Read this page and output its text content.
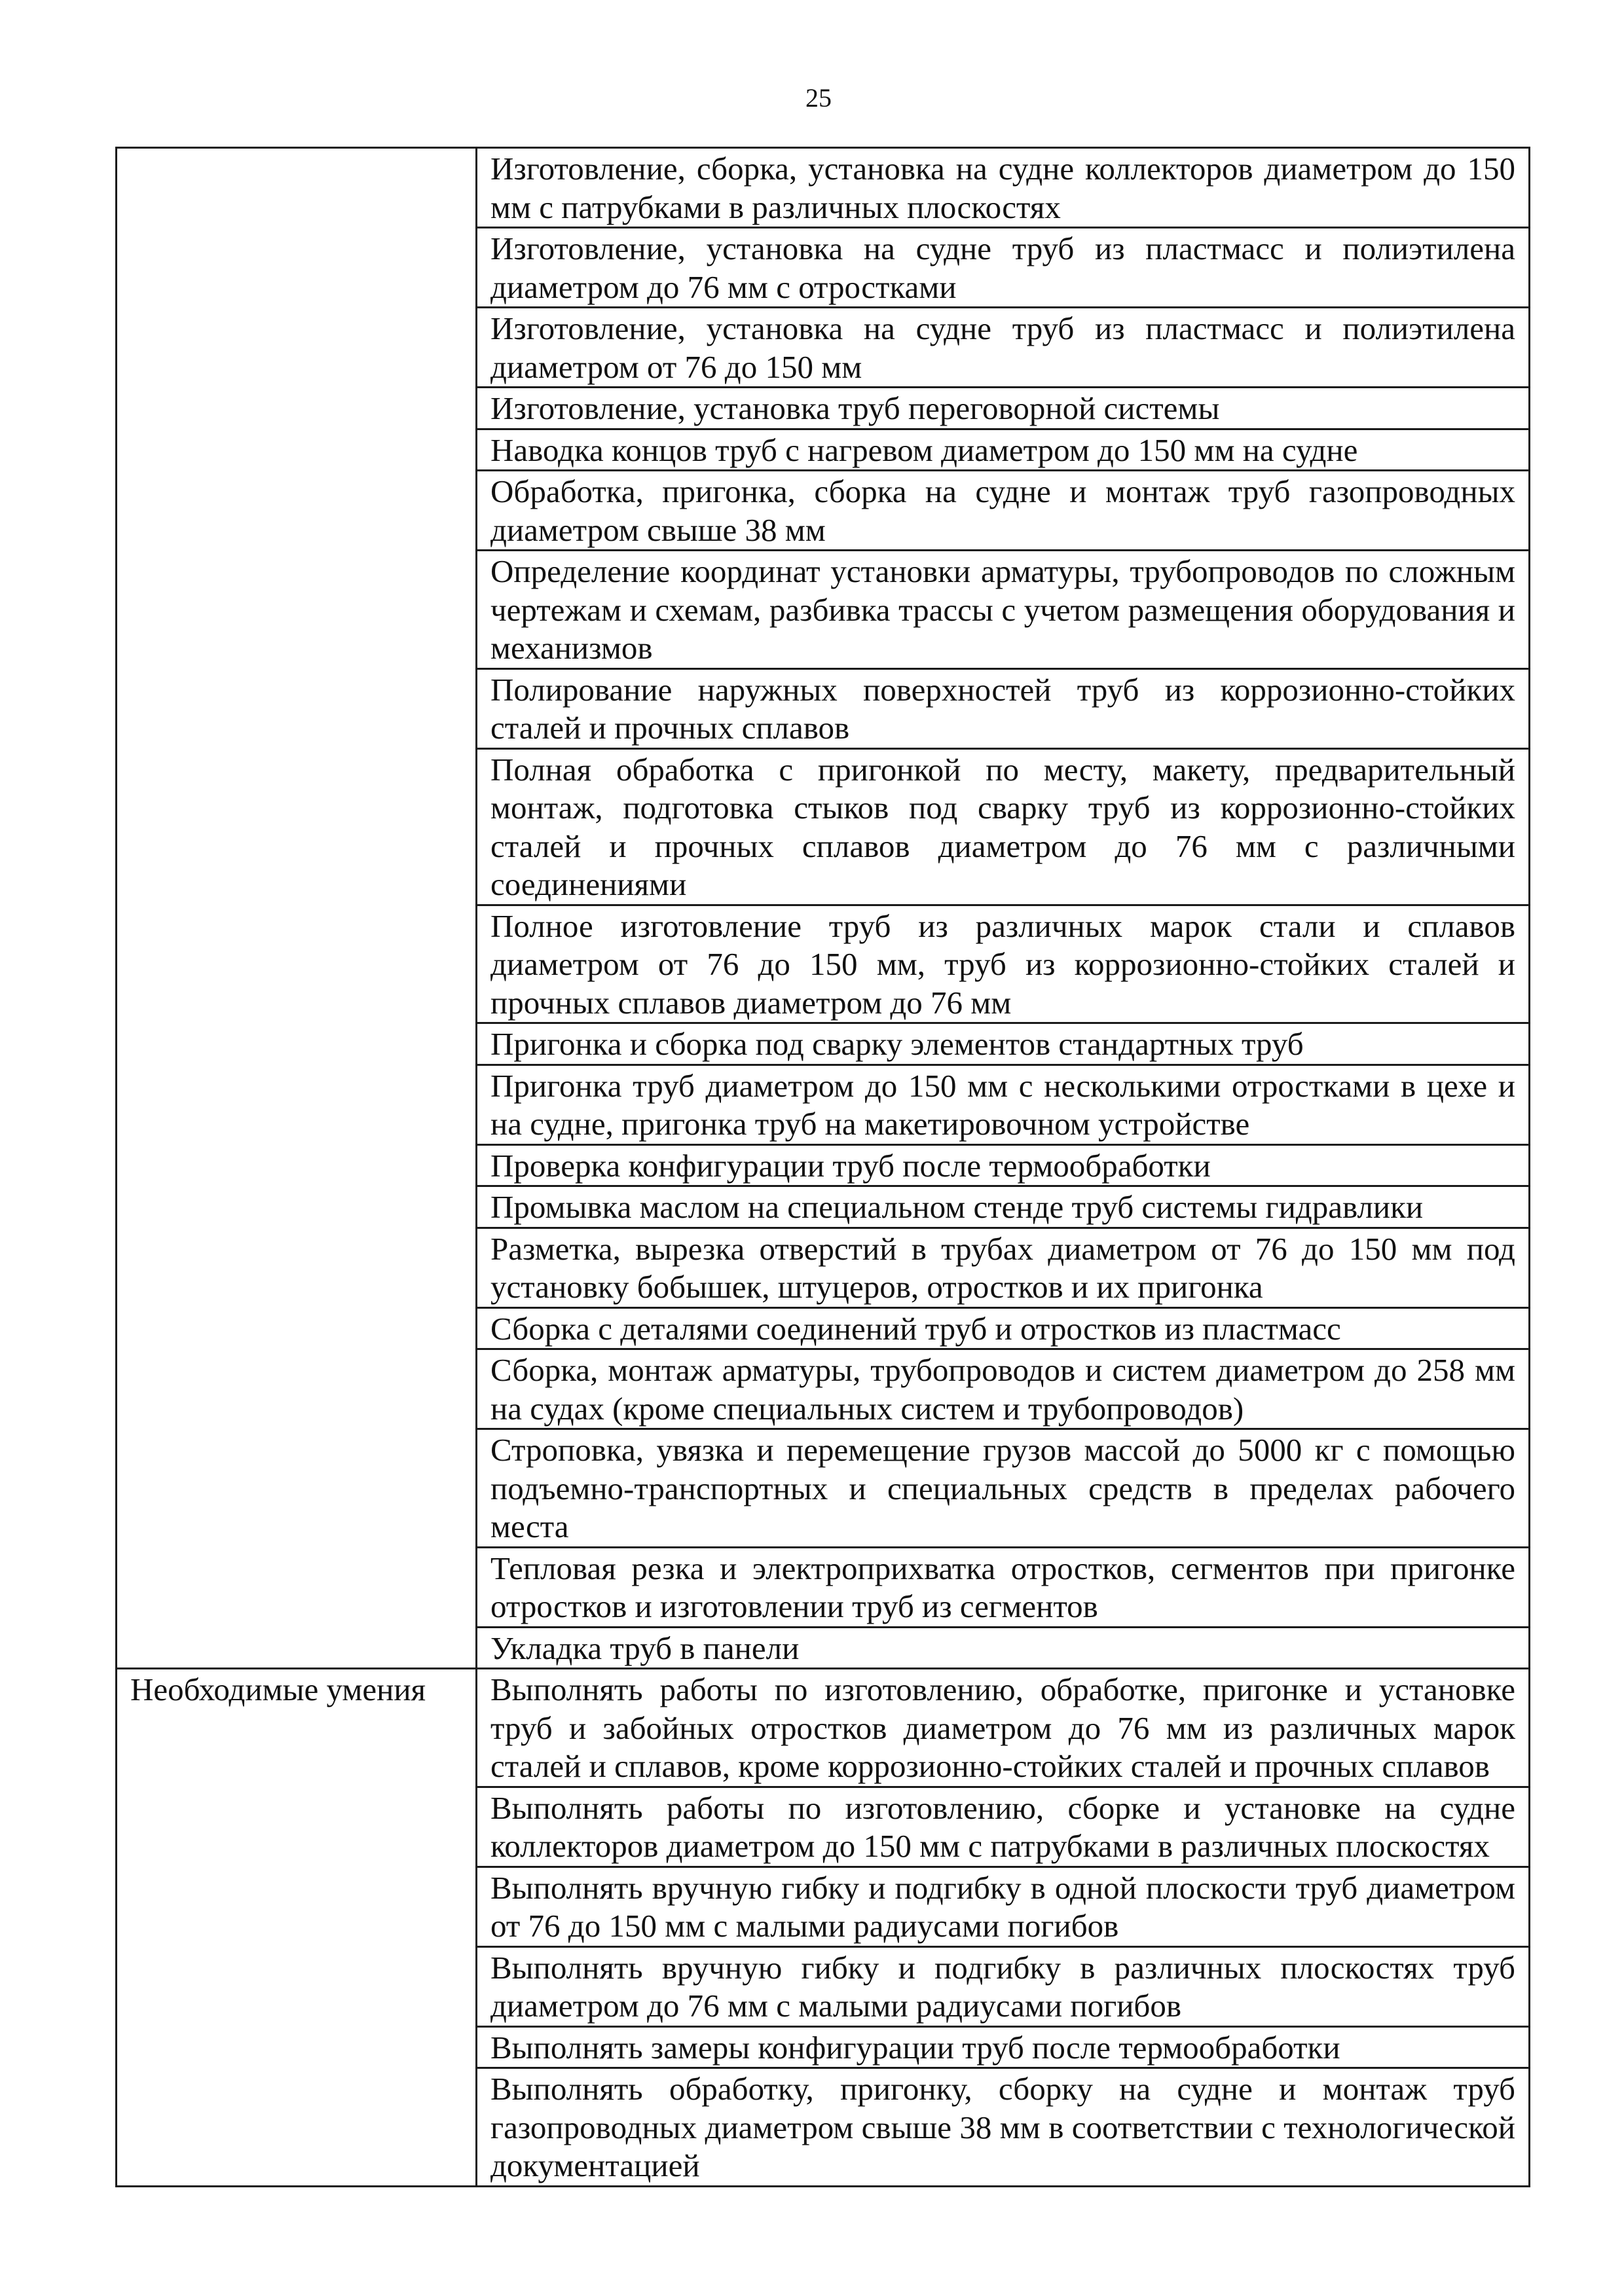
25
	Изготовление, сборка, установка на судне коллекторов диаметром до 150 мм с патрубками в различных плоскостях
	Изготовление, установка на судне труб из пластмасс и полиэтилена диаметром до 76 мм с отростками
	Изготовление, установка на судне труб из пластмасс и полиэтилена диаметром от 76 до 150 мм
	Изготовление, установка труб переговорной системы
	Наводка концов труб с нагревом диаметром до 150 мм на судне
	Обработка, пригонка, сборка на судне и монтаж труб газопроводных диаметром свыше 38 мм
	Определение координат установки арматуры, трубопроводов по сложным чертежам и схемам, разбивка трассы с учетом размещения оборудования и механизмов
	Полирование наружных поверхностей труб из коррозионно-стойких сталей и прочных сплавов
	Полная обработка с пригонкой по месту, макету, предварительный монтаж, подготовка стыков под сварку труб из коррозионно-стойких сталей и прочных сплавов диаметром до 76 мм с различными соединениями
	Полное изготовление труб из различных марок стали и сплавов диаметром от 76 до 150 мм, труб из коррозионно-стойких сталей и прочных сплавов диаметром до 76 мм
	Пригонка и сборка под сварку элементов стандартных труб
	Пригонка труб диаметром до 150 мм с несколькими отростками в цехе и на судне, пригонка труб на макетировочном устройстве
	Проверка конфигурации труб после термообработки
	Промывка маслом на специальном стенде труб системы гидравлики
	Разметка, вырезка отверстий в трубах диаметром от 76 до 150 мм под установку бобышек, штуцеров, отростков и их пригонка
	Сборка с деталями соединений труб и отростков из пластмасс
	Сборка, монтаж арматуры, трубопроводов и систем диаметром до 258 мм на судах (кроме специальных систем и трубопроводов)
	Строповка, увязка и перемещение грузов массой до 5000 кг с помощью подъемно-транспортных и специальных средств в пределах рабочего места
	Тепловая резка и электроприхватка отростков, сегментов при пригонке отростков и изготовлении труб из сегментов
	Укладка труб в панели
Необходимые умения	Выполнять работы по изготовлению, обработке, пригонке и установке труб и забойных отростков диаметром до 76 мм из различных марок сталей и сплавов, кроме коррозионно-стойких сталей и прочных сплавов
	Выполнять работы по изготовлению, сборке и установке на судне коллекторов диаметром до 150 мм с патрубками в различных плоскостях
	Выполнять вручную гибку и подгибку в одной плоскости труб диаметром от 76 до 150 мм с малыми радиусами погибов
	Выполнять вручную гибку и подгибку в различных плоскостях труб диаметром до 76 мм с малыми радиусами погибов
	Выполнять замеры конфигурации труб после термообработки
	Выполнять обработку, пригонку, сборку на судне и монтаж труб газопроводных диаметром свыше 38 мм в соответствии с технологической документацией
